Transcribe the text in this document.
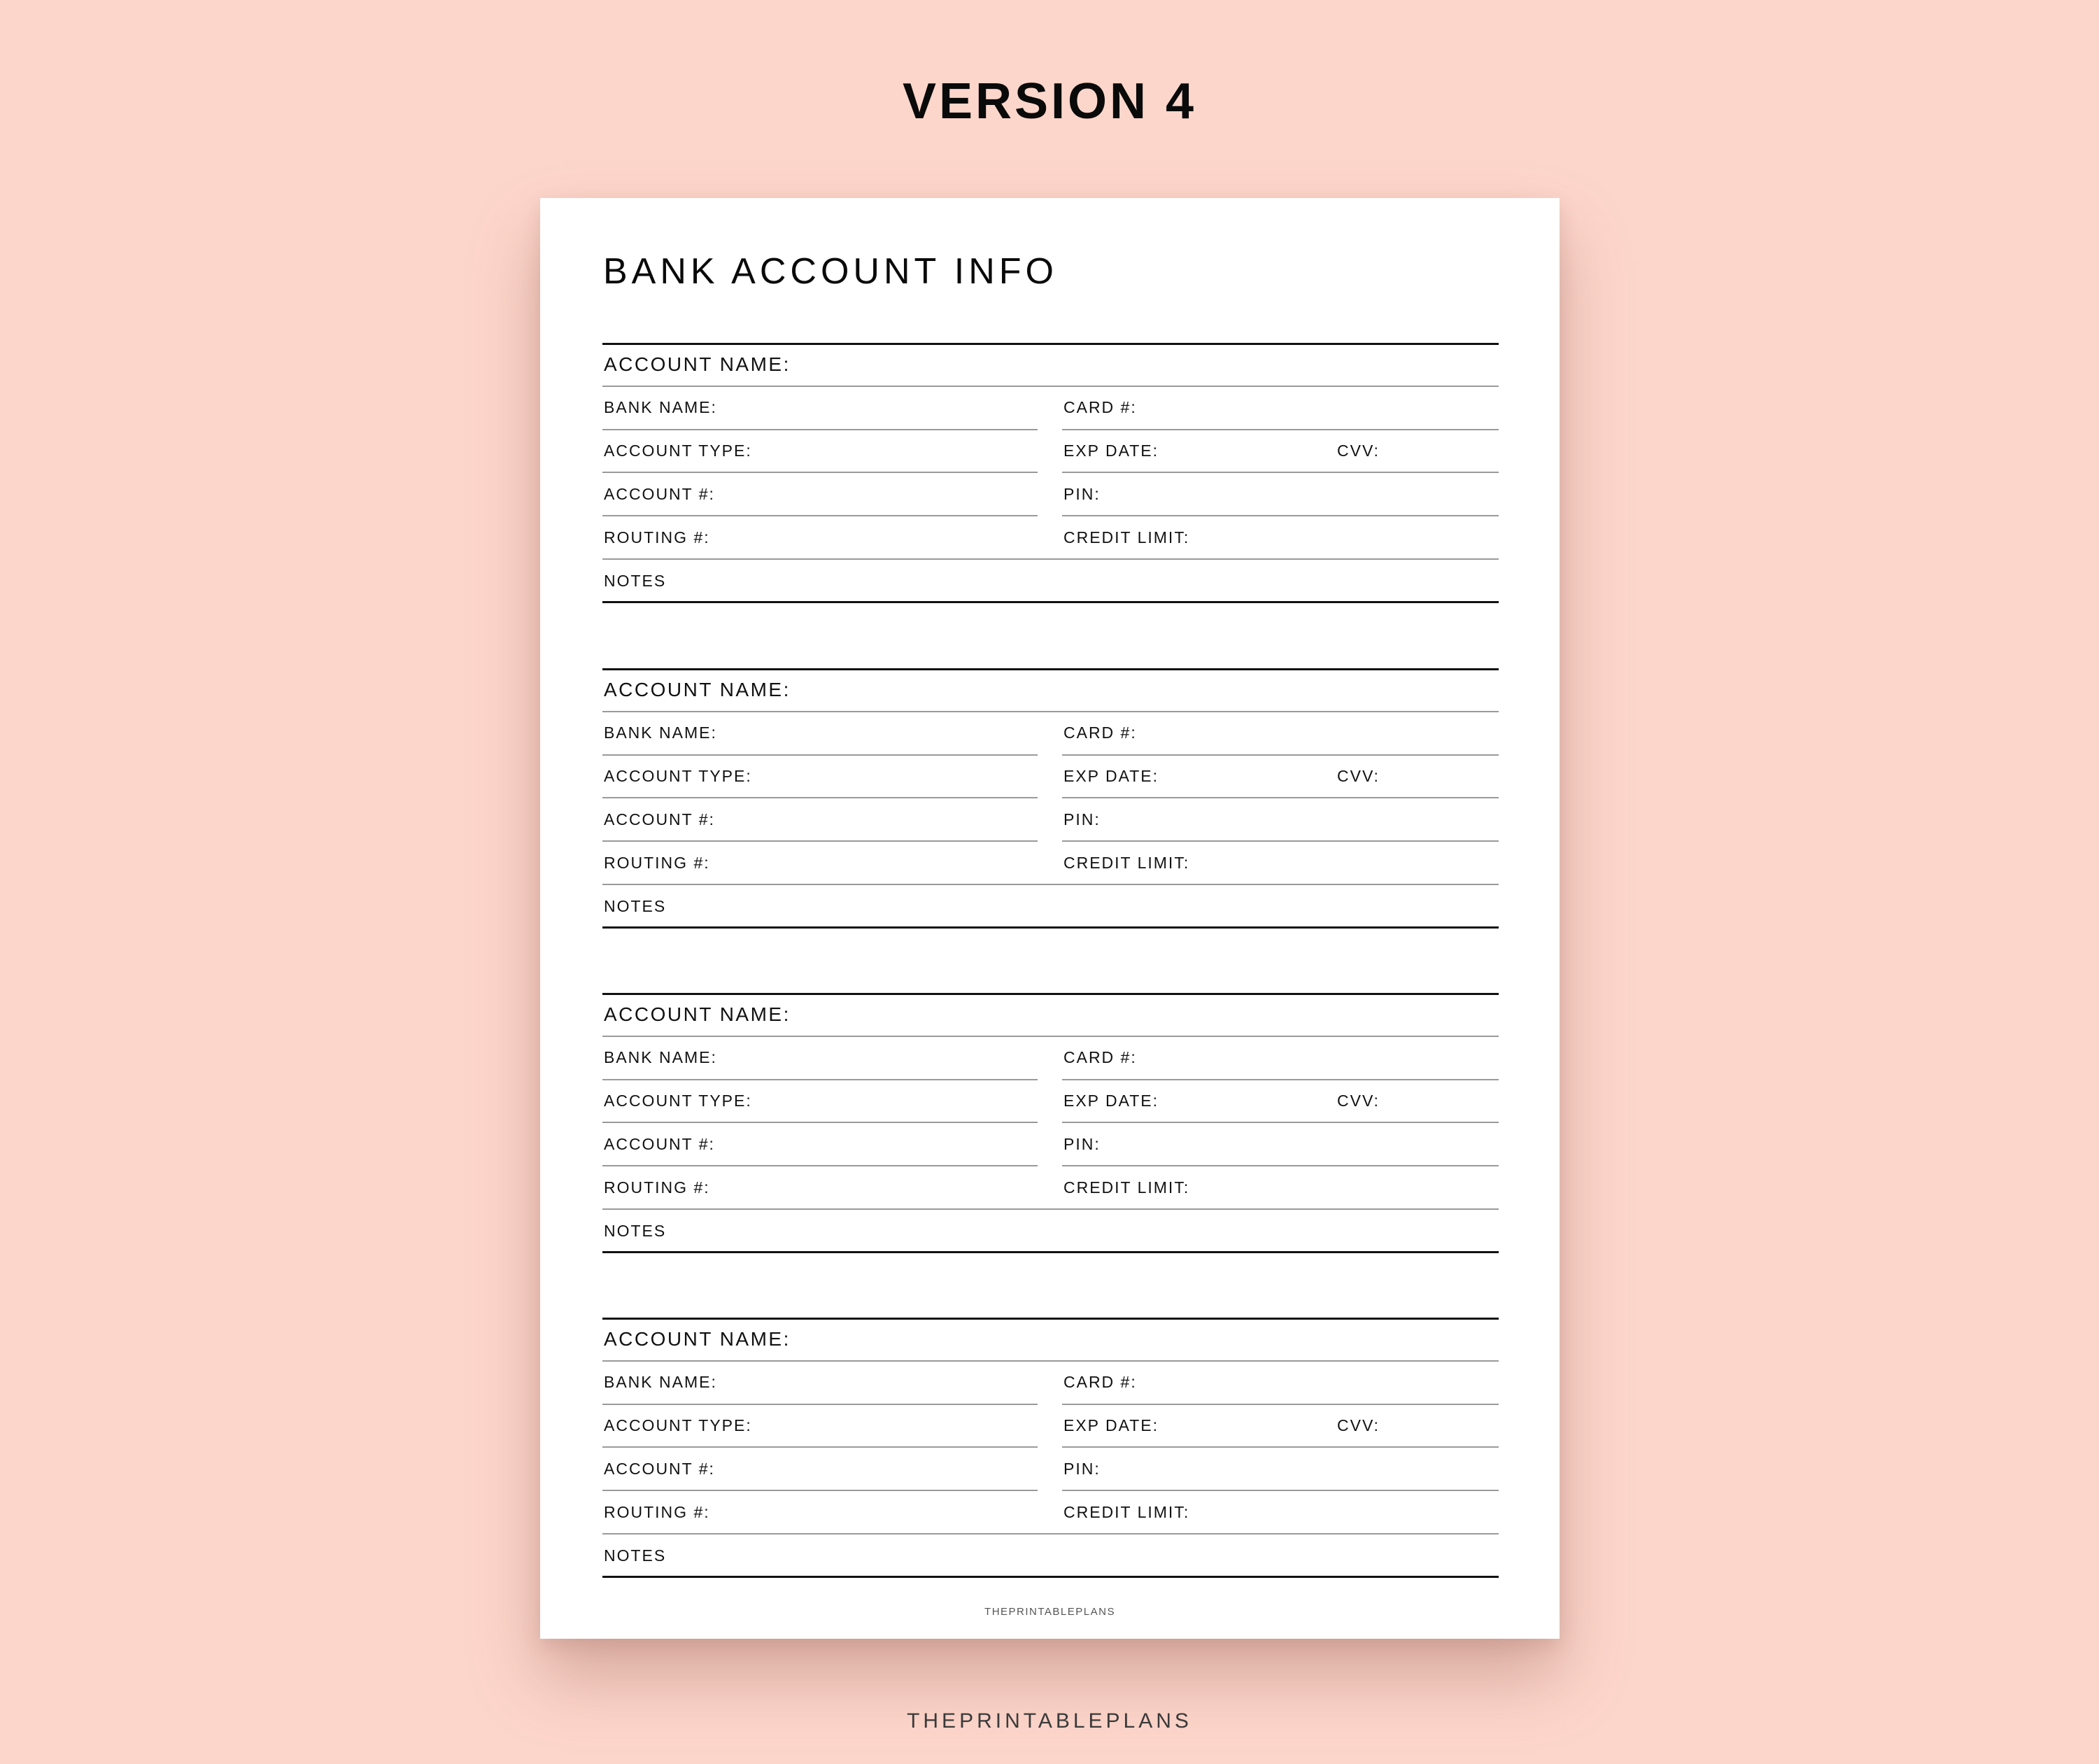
VERSION 4
BANK ACCOUNT INFO
ACCOUNT NAME:
BANK NAME:	CARD #:
ACCOUNT TYPE:	EXP DATE:	CVV:
ACCOUNT #:	PIN:
ROUTING #:	CREDIT LIMIT:
NOTES
ACCOUNT NAME:
BANK NAME:	CARD #:
ACCOUNT TYPE:	EXP DATE:	CVV:
ACCOUNT #:	PIN:
ROUTING #:	CREDIT LIMIT:
NOTES
ACCOUNT NAME:
BANK NAME:	CARD #:
ACCOUNT TYPE:	EXP DATE:	CVV:
ACCOUNT #:	PIN:
ROUTING #:	CREDIT LIMIT:
NOTES
ACCOUNT NAME:
BANK NAME:	CARD #:
ACCOUNT TYPE:	EXP DATE:	CVV:
ACCOUNT #:	PIN:
ROUTING #:	CREDIT LIMIT:
NOTES
THEPRINTABLEPLANS
THEPRINTABLEPLANS
